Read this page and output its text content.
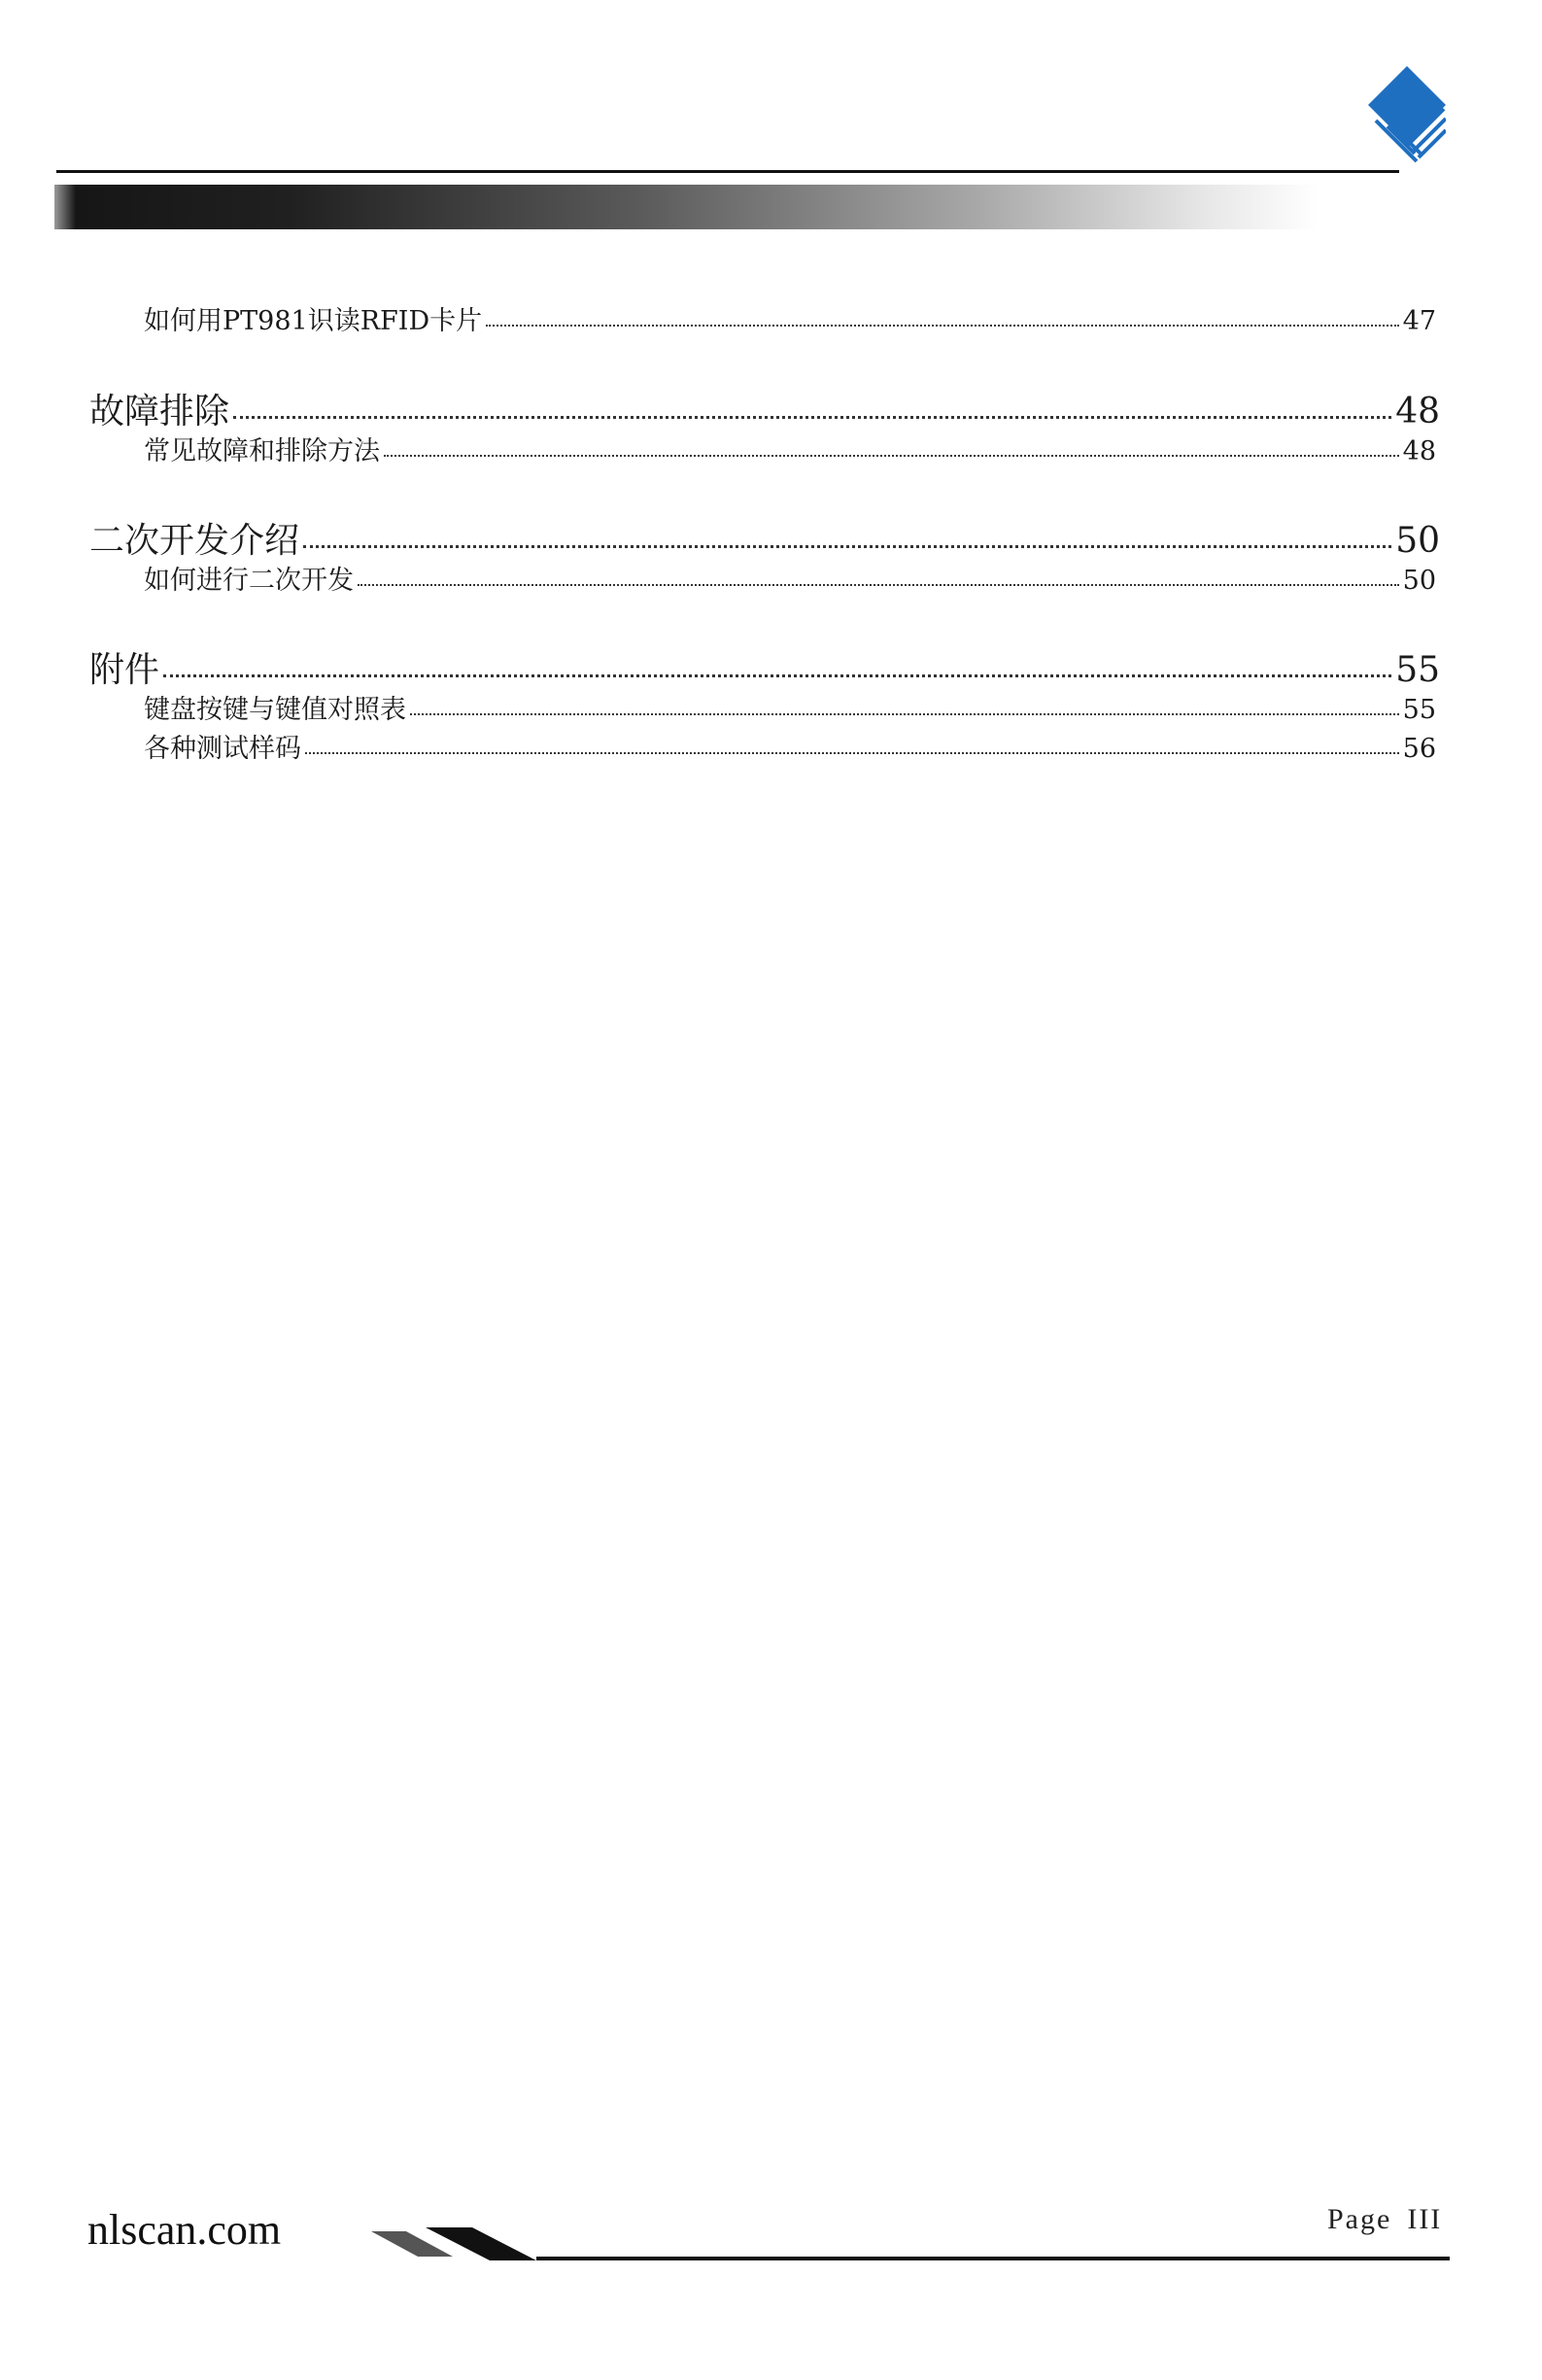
如何用PT981识读RFID卡片	47
故障排除	48
常见故障和排除方法	48
二次开发介绍	50
如何进行二次开发	50
附件	55
键盘按键与键值对照表	55
各种测试样码	56
nlscan.com	Page III
